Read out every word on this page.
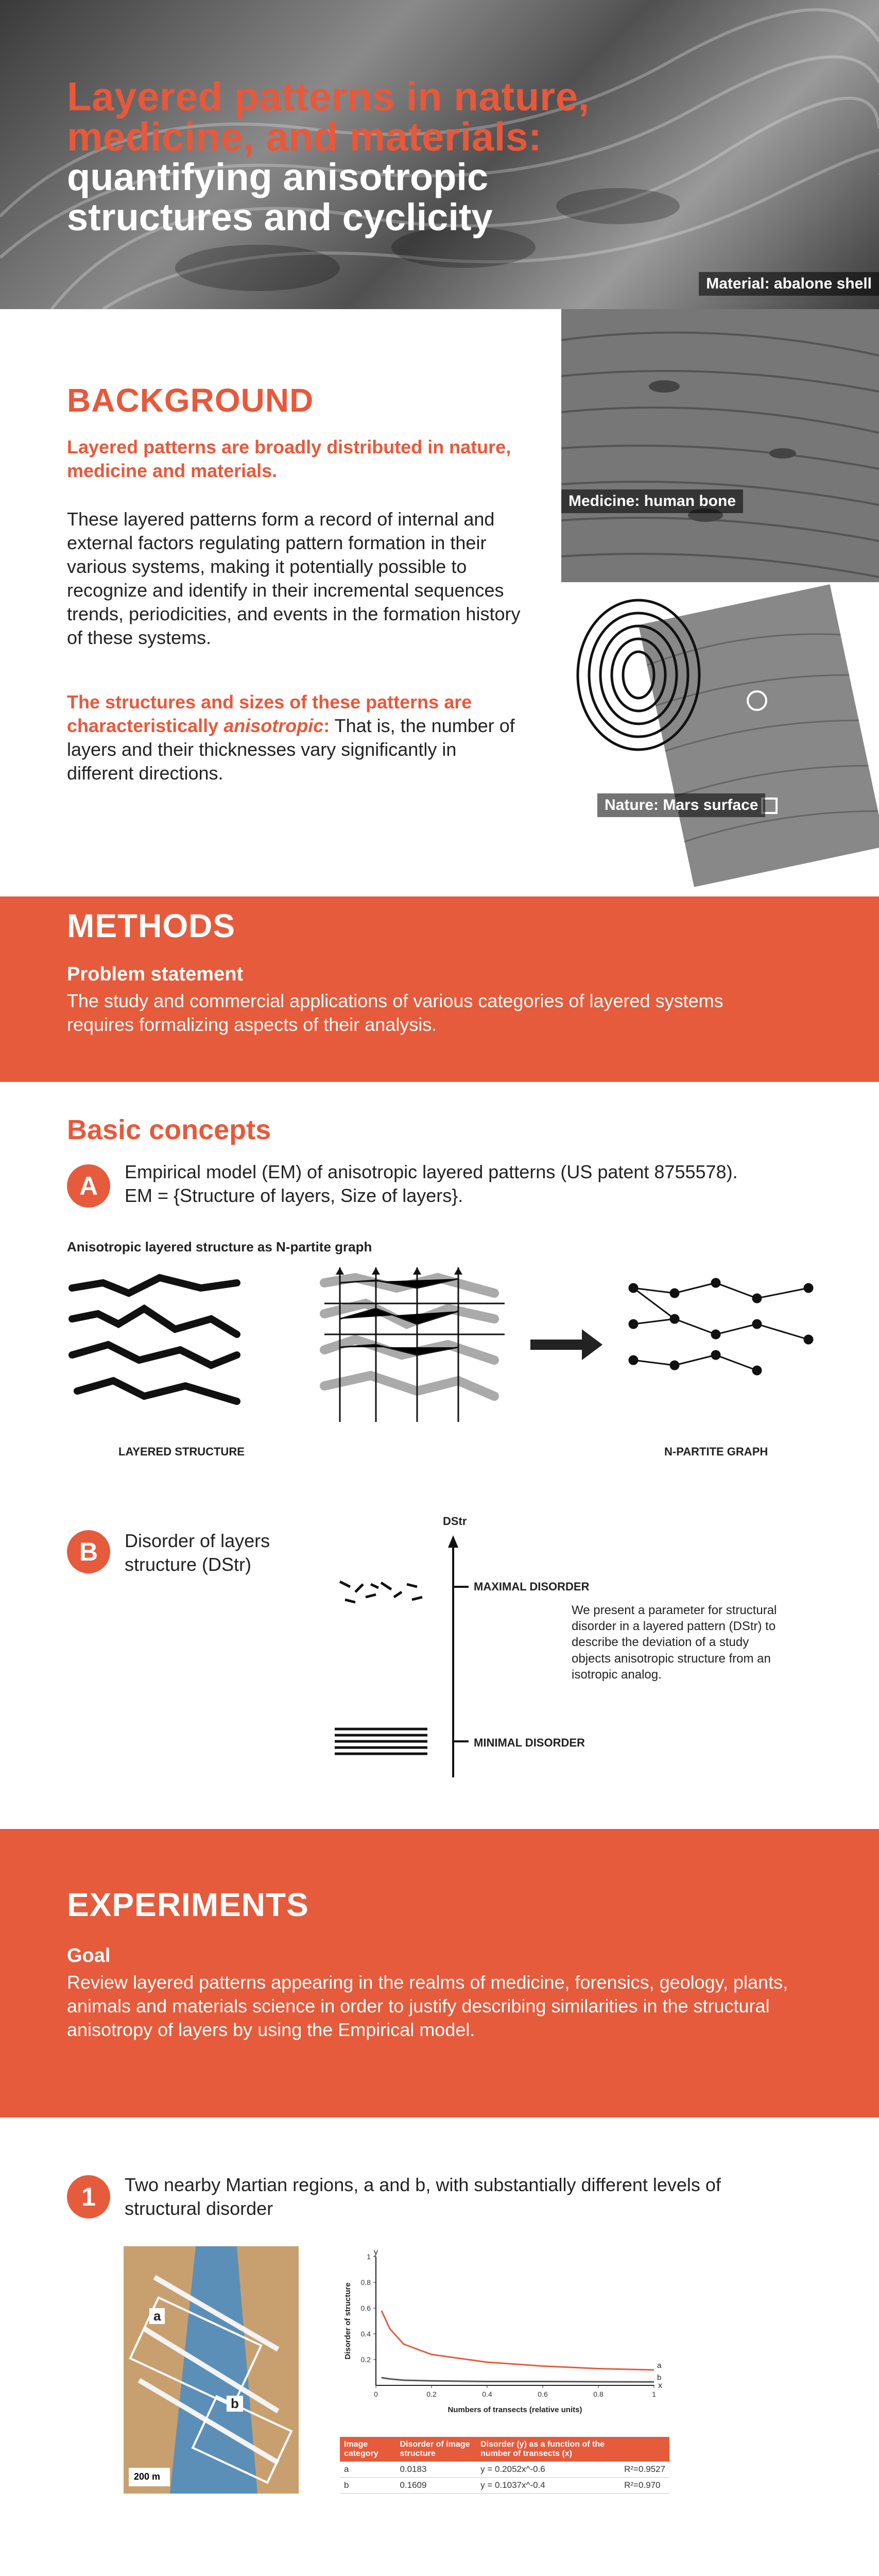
Layered patterns in nature,
medicine, and materials:
quantifying anisotropic
structures and cyclicity
Material: abalone shell
BACKGROUND

Layered patterns are broadly distributed in nature, medicine and materials.

These layered patterns form a record of internal and external factors regulating pattern formation in their various systems, making it potentially possible to recognize and identify in their incremental sequences trends, periodicities, and events in the formation history of these systems.

The structures and sizes of these patterns are characteristically anisotropic: That is, the number of layers and their thicknesses vary significantly in different directions.

Medicine: human bone
Nature: Mars surface
METHODS
Problem statement

The study and commercial applications of various categories of layered systems requires formalizing aspects of their analysis.

Basic concepts
A	Empirical model (EM) of anisotropic layered patterns (US patent 8755578).

EM = {Structure of layers, Size of layers}.

Anisotropic layered structure as N-partite graph
LAYERED STRUCTURE	N-PARTITE GRAPH
B	Disorder of layers structure (DStr)

DStr
MAXIMAL DISORDER
MINIMAL DISORDER

We present a parameter for structural disorder in a layered pattern (DStr) to describe the deviation of a study objects anisotropic structure from an isotropic analog.

EXPERIMENTS
Goal

Review layered patterns appearing in the realms of medicine, forensics, geology, plants, animals and materials science in order to justify describing similarities in the structural anisotropy of layers by using the Empirical model.

1	Two nearby Martian regions, a and b, with substantially different levels of structural disorder

200 m
a
b
0.2
0.4
0.6
0.8
1
0	0.2	0.4	0.6	0.8	1
Numbers of transects (relative units)
Disorder of structure
x
y
a
b
Image category	Disorder of image structure	Disorder (y) as a function of the number of transects (x)	
a	0.0183	y = 0.2052x^-0.6	R²=0.9527
b	0.1609	y = 0.1037x^-0.4	R²=0.970
